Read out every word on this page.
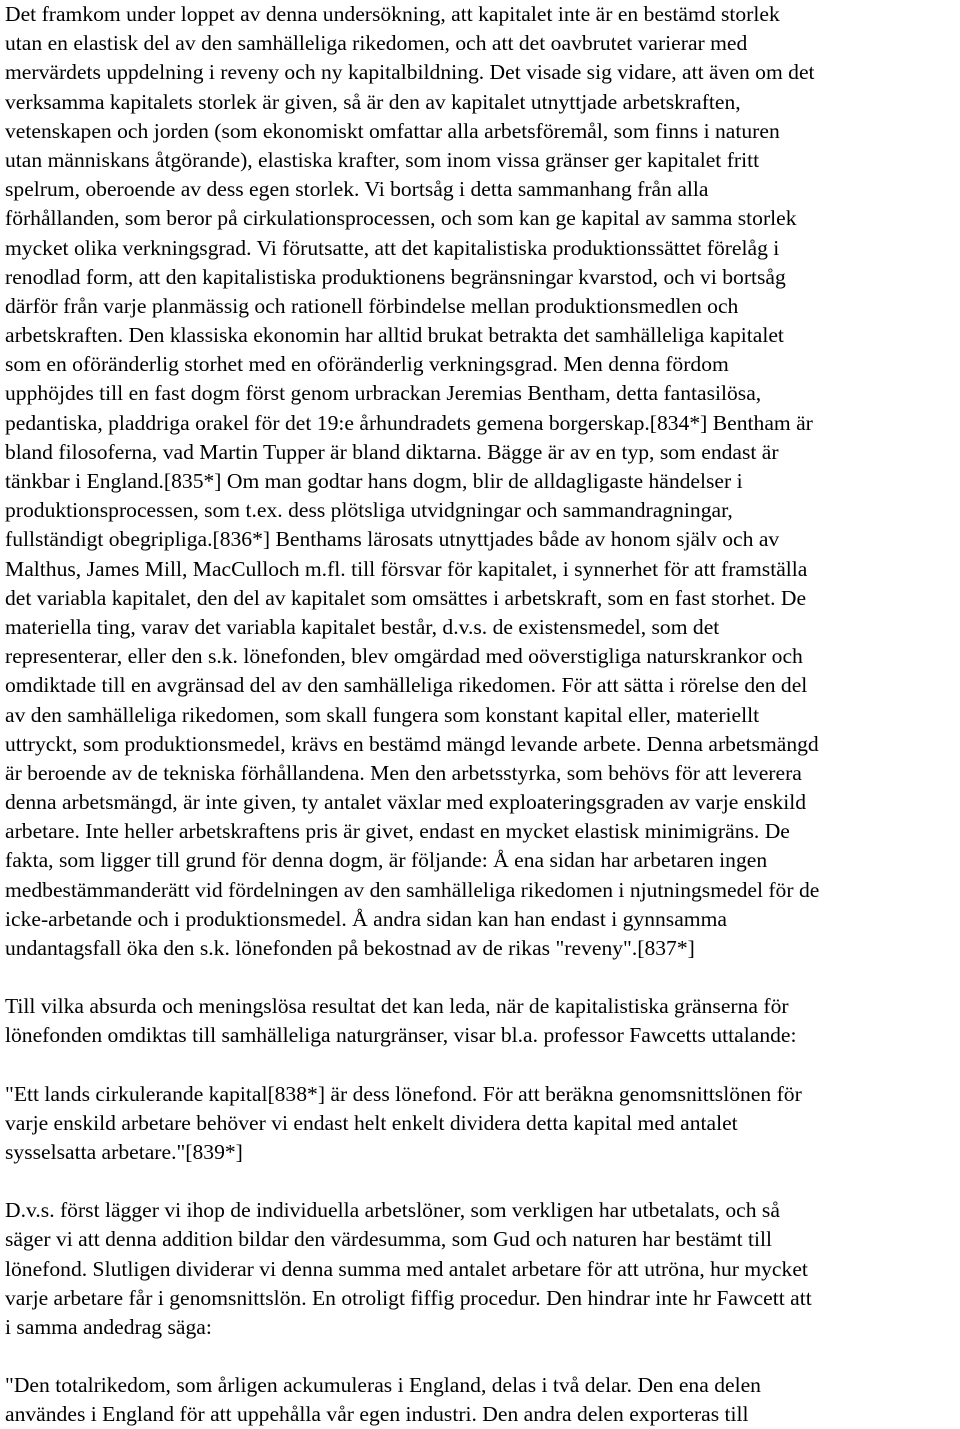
Det framkom under loppet av denna undersökning, att kapitalet inte är en bestämd storlek
utan en elastisk del av den samhälleliga rikedomen, och att det oavbrutet varierar med
mervärdets uppdelning i reveny och ny kapitalbildning. Det visade sig vidare, att även om det
verksamma kapitalets storlek är given, så är den av kapitalet utnyttjade arbetskraften,
vetenskapen och jorden (som ekonomiskt omfattar alla arbetsföremål, som finns i naturen
utan människans åtgörande), elastiska krafter, som inom vissa gränser ger kapitalet fritt
spelrum, oberoende av dess egen storlek. Vi bortsåg i detta sammanhang från alla
förhållanden, som beror på cirkulationsprocessen, och som kan ge kapital av samma storlek
mycket olika verkningsgrad. Vi förutsatte, att det kapitalistiska produktionssättet förelåg i
renodlad form, att den kapitalistiska produktionens begränsningar kvarstod, och vi bortsåg
därför från varje planmässig och rationell förbindelse mellan produktionsmedlen och
arbetskraften. Den klassiska ekonomin har alltid brukat betrakta det samhälleliga kapitalet
som en oföränderlig storhet med en oföränderlig verkningsgrad. Men denna fördom
upphöjdes till en fast dogm först genom urbrackan Jeremias Bentham, detta fantasilösa,
pedantiska, pladdriga orakel för det 19:e århundradets gemena borgerskap.[834*] Bentham är
bland filosoferna, vad Martin Tupper är bland diktarna. Bägge är av en typ, som endast är
tänkbar i England.[835*] Om man godtar hans dogm, blir de alldagligaste händelser i
produktionsprocessen, som t.ex. dess plötsliga utvidgningar och sammandragningar,
fullständigt obegripliga.[836*] Benthams lärosats utnyttjades både av honom själv och av
Malthus, James Mill, MacCulloch m.fl. till försvar för kapitalet, i synnerhet för att framställa
det variabla kapitalet, den del av kapitalet som omsättes i arbetskraft, som en fast storhet. De
materiella ting, varav det variabla kapitalet består, d.v.s. de existensmedel, som det
representerar, eller den s.k. lönefonden, blev omgärdad med oöverstigliga naturskrankor och
omdiktade till en avgränsad del av den samhälleliga rikedomen. För att sätta i rörelse den del
av den samhälleliga rikedomen, som skall fungera som konstant kapital eller, materiellt
uttryckt, som produktionsmedel, krävs en bestämd mängd levande arbete. Denna arbetsmängd
är beroende av de tekniska förhållandena. Men den arbetsstyrka, som behövs för att leverera
denna arbetsmängd, är inte given, ty antalet växlar med exploateringsgraden av varje enskild
arbetare. Inte heller arbetskraftens pris är givet, endast en mycket elastisk minimigräns. De
fakta, som ligger till grund för denna dogm, är följande: Å ena sidan har arbetaren ingen
medbestämmanderätt vid fördelningen av den samhälleliga rikedomen i njutningsmedel för de
icke-arbetande och i produktionsmedel. Å andra sidan kan han endast i gynnsamma
undantagsfall öka den s.k. lönefonden på bekostnad av de rikas "reveny".[837*]
Till vilka absurda och meningslösa resultat det kan leda, när de kapitalistiska gränserna för
lönefonden omdiktas till samhälleliga naturgränser, visar bl.a. professor Fawcetts uttalande:
"Ett lands cirkulerande kapital[838*] är dess lönefond. För att beräkna genomsnittslönen för
varje enskild arbetare behöver vi endast helt enkelt dividera detta kapital med antalet
sysselsatta arbetare."[839*]
D.v.s. först lägger vi ihop de individuella arbetslöner, som verkligen har utbetalats, och så
säger vi att denna addition bildar den värdesumma, som Gud och naturen har bestämt till
lönefond. Slutligen dividerar vi denna summa med antalet arbetare för att utröna, hur mycket
varje arbetare får i genomsnittslön. En otroligt fiffig procedur. Den hindrar inte hr Fawcett att
i samma andedrag säga:
"Den totalrikedom, som årligen ackumuleras i England, delas i två delar. Den ena delen
användes i England för att uppehålla vår egen industri. Den andra delen exporteras till
